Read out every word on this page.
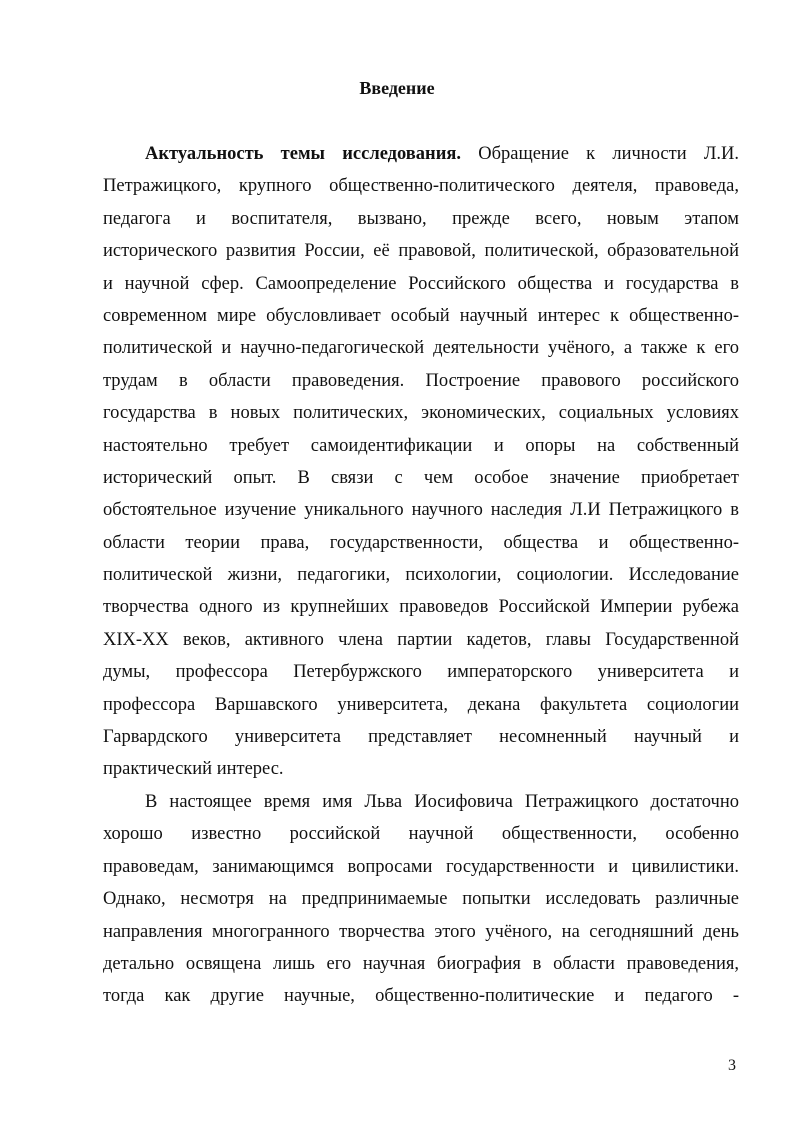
Введение
Актуальность темы исследования. Обращение к личности Л.И.
Петражицкого, крупного общественно-политического деятеля, правоведа,
педагога и воспитателя, вызвано, прежде всего, новым этапом
исторического развития России, её правовой, политической, образовательной
и научной сфер. Самоопределение Российского общества и государства в
современном мире обусловливает особый научный интерес к общественно-
политической и научно-педагогической деятельности учёного, а также к его
трудам в области правоведения. Построение правового российского
государства в новых политических, экономических, социальных условиях
настоятельно требует самоидентификации и опоры на собственный
исторический опыт. В связи с чем особое значение приобретает
обстоятельное изучение уникального научного наследия Л.И Петражицкого в
области теории права, государственности, общества и общественно-
политической жизни, педагогики, психологии, социологии. Исследование
творчества одного из крупнейших правоведов Российской Империи рубежа
XIX-XX веков, активного члена партии кадетов, главы Государственной
думы, профессора Петербуржского императорского университета и
профессора Варшавского университета, декана факультета социологии
Гарвардского университета представляет несомненный научный и
практический интерес.
В настоящее время имя Льва Иосифовича Петражицкого достаточно
хорошо известно российской научной общественности, особенно
правоведам, занимающимся вопросами государственности и цивилистики.
Однако, несмотря на предпринимаемые попытки исследовать различные
направления многогранного творчества этого учёного, на сегодняшний день
детально освящена лишь его научная биография в области правоведения,
тогда как другие научные, общественно-политические и педагого -
3
